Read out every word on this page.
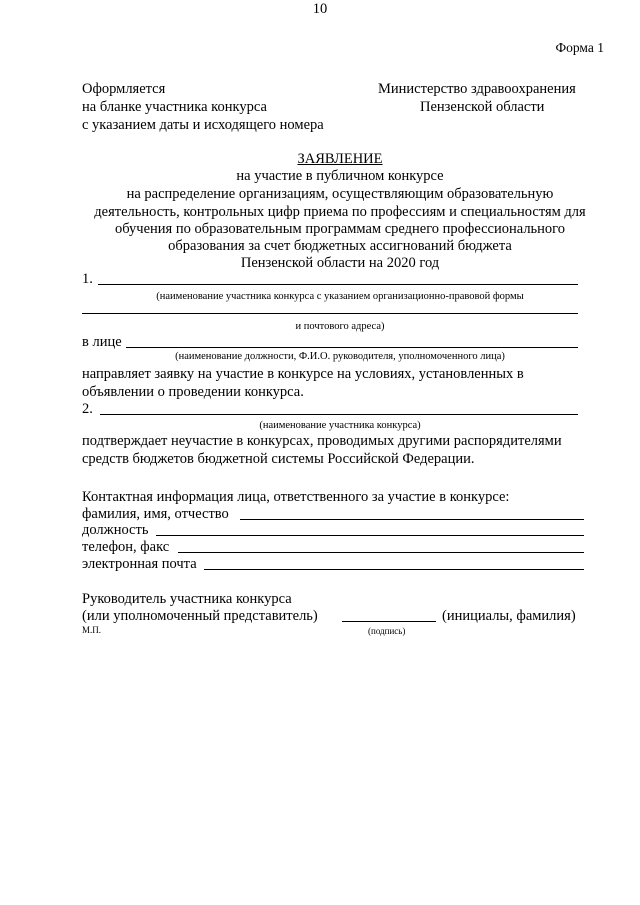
10
Форма 1
Оформляется
на бланке участника конкурса
с указанием даты и исходящего номера
Министерство здравоохранения
Пензенской области
ЗАЯВЛЕНИЕ
на участие в публичном конкурсе
на распределение организациям, осуществляющим образовательную
деятельность, контрольных цифр приема по профессиям и специальностям для
обучения по образовательным программам среднего профессионального
образования за счет бюджетных ассигнований бюджета
Пензенской области на 2020 год
1.
(наименование участника конкурса с указанием организационно-правовой формы
и почтового адреса)
в лице
(наименование должности, Ф.И.О. руководителя, уполномоченного лица)
направляет заявку на участие в конкурсе на условиях, установленных в
объявлении о проведении конкурса.
2.
(наименование участника конкурса)
подтверждает неучастие в конкурсах, проводимых другими распорядителями
средств бюджетов бюджетной системы Российской Федерации.
Контактная информация лица, ответственного за участие в конкурсе:
фамилия, имя, отчество
должность
телефон, факс
электронная почта
Руководитель участника конкурса
(или уполномоченный представитель)	(инициалы, фамилия)
М.П.	(подпись)
